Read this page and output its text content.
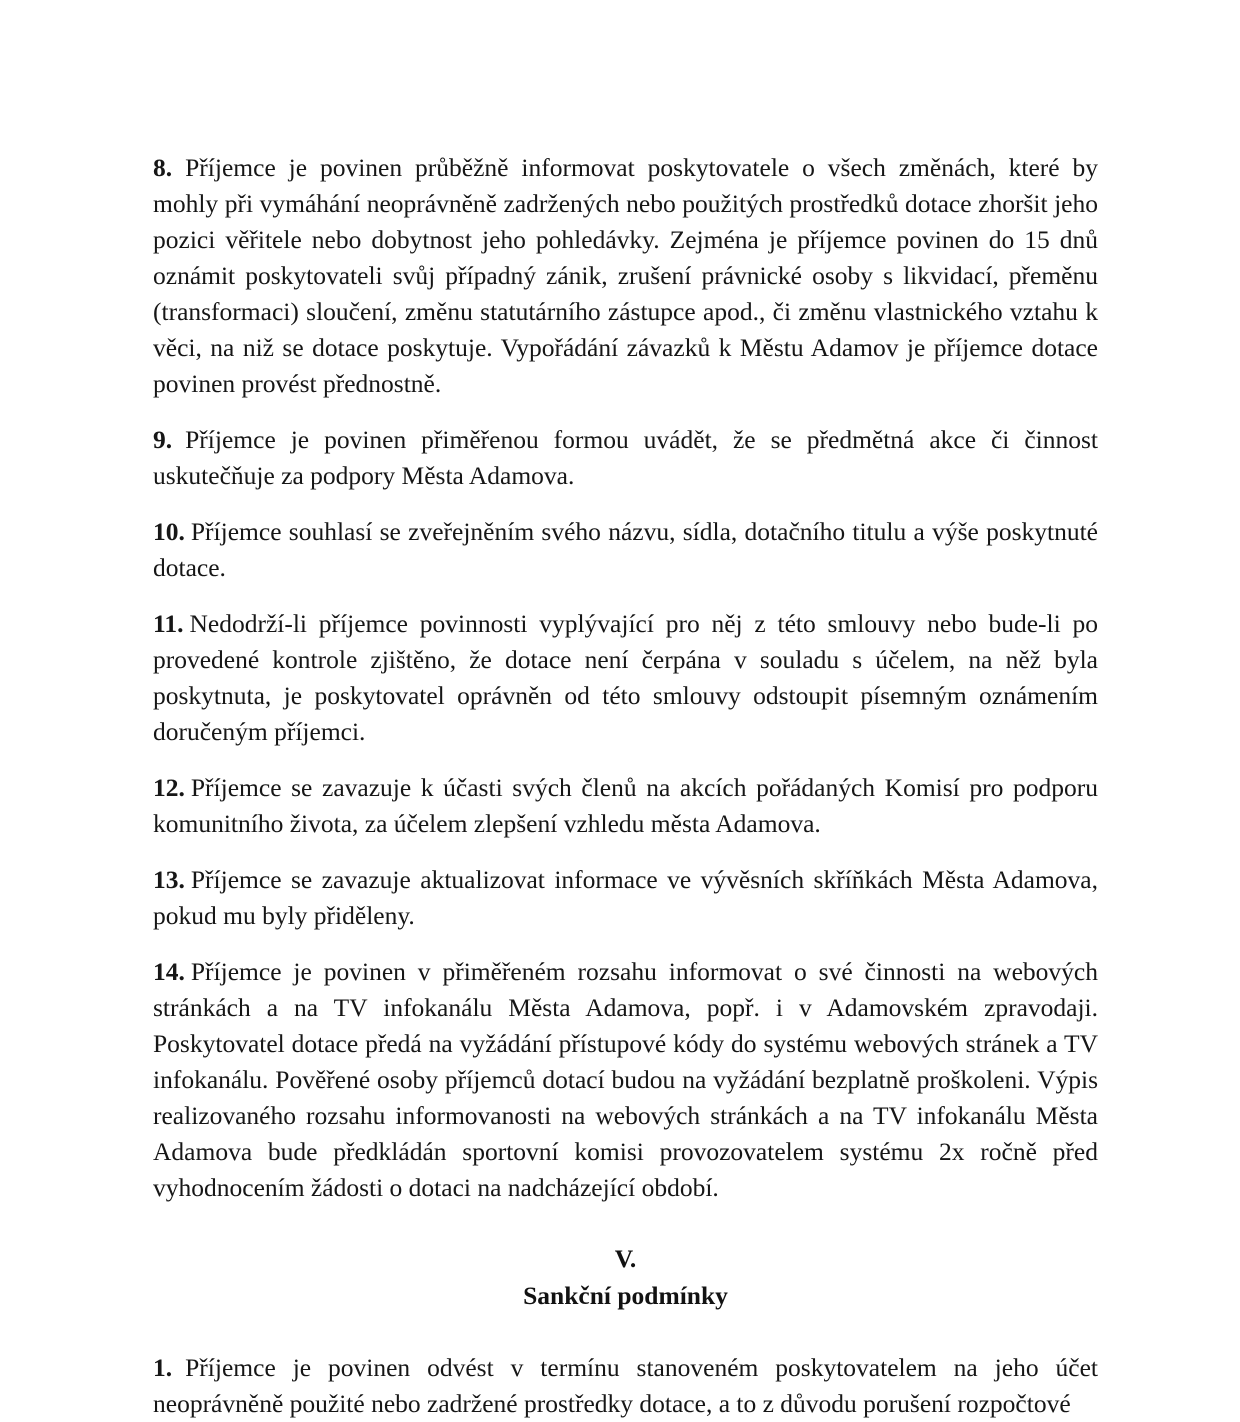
8. Příjemce je povinen průběžně informovat poskytovatele o všech změnách, které by mohly při vymáhání neoprávněně zadržených nebo použitých prostředků dotace zhoršit jeho pozici věřitele nebo dobytnost jeho pohledávky. Zejména je příjemce povinen do 15 dnů oznámit poskytovateli svůj případný zánik, zrušení právnické osoby s likvidací, přeměnu (transformaci) sloučení, změnu statutárního zástupce apod., či změnu vlastnického vztahu k věci, na niž se dotace poskytuje. Vypořádání závazků k Městu Adamov je příjemce dotace povinen provést přednostně.

9. Příjemce je povinen přiměřenou formou uvádět, že se předmětná akce či činnost uskutečňuje za podpory Města Adamova.

10. Příjemce souhlasí se zveřejněním svého názvu, sídla, dotačního titulu a výše poskytnuté dotace.

11. Nedodrží-li příjemce povinnosti vyplývající pro něj z této smlouvy nebo bude-li po provedené kontrole zjištěno, že dotace není čerpána v souladu s účelem, na něž byla poskytnuta, je poskytovatel oprávněn od této smlouvy odstoupit písemným oznámením doručeným příjemci.

12. Příjemce se zavazuje k účasti svých členů na akcích pořádaných Komisí pro podporu komunitního života, za účelem zlepšení vzhledu města Adamova.

13. Příjemce se zavazuje aktualizovat informace ve vývěsních skříňkách Města Adamova, pokud mu byly přiděleny.

14. Příjemce je povinen v přiměřeném rozsahu informovat o své činnosti na webových stránkách a na TV infokanálu Města Adamova, popř. i v Adamovském zpravodaji. Poskytovatel dotace předá na vyžádání přístupové kódy do systému webových stránek a TV infokanálu. Pověřené osoby příjemců dotací budou na vyžádání bezplatně proškoleni. Výpis realizovaného rozsahu informovanosti na webových stránkách a na TV infokanálu Města Adamova bude předkládán sportovní komisi provozovatelem systému 2x ročně před vyhodnocením žádosti o dotaci na nadcházející období.

V.
Sankční podmínky

1. Příjemce je povinen odvést v termínu stanoveném poskytovatelem na jeho účet neoprávněně použité nebo zadržené prostředky dotace, a to z důvodu porušení rozpočtové
